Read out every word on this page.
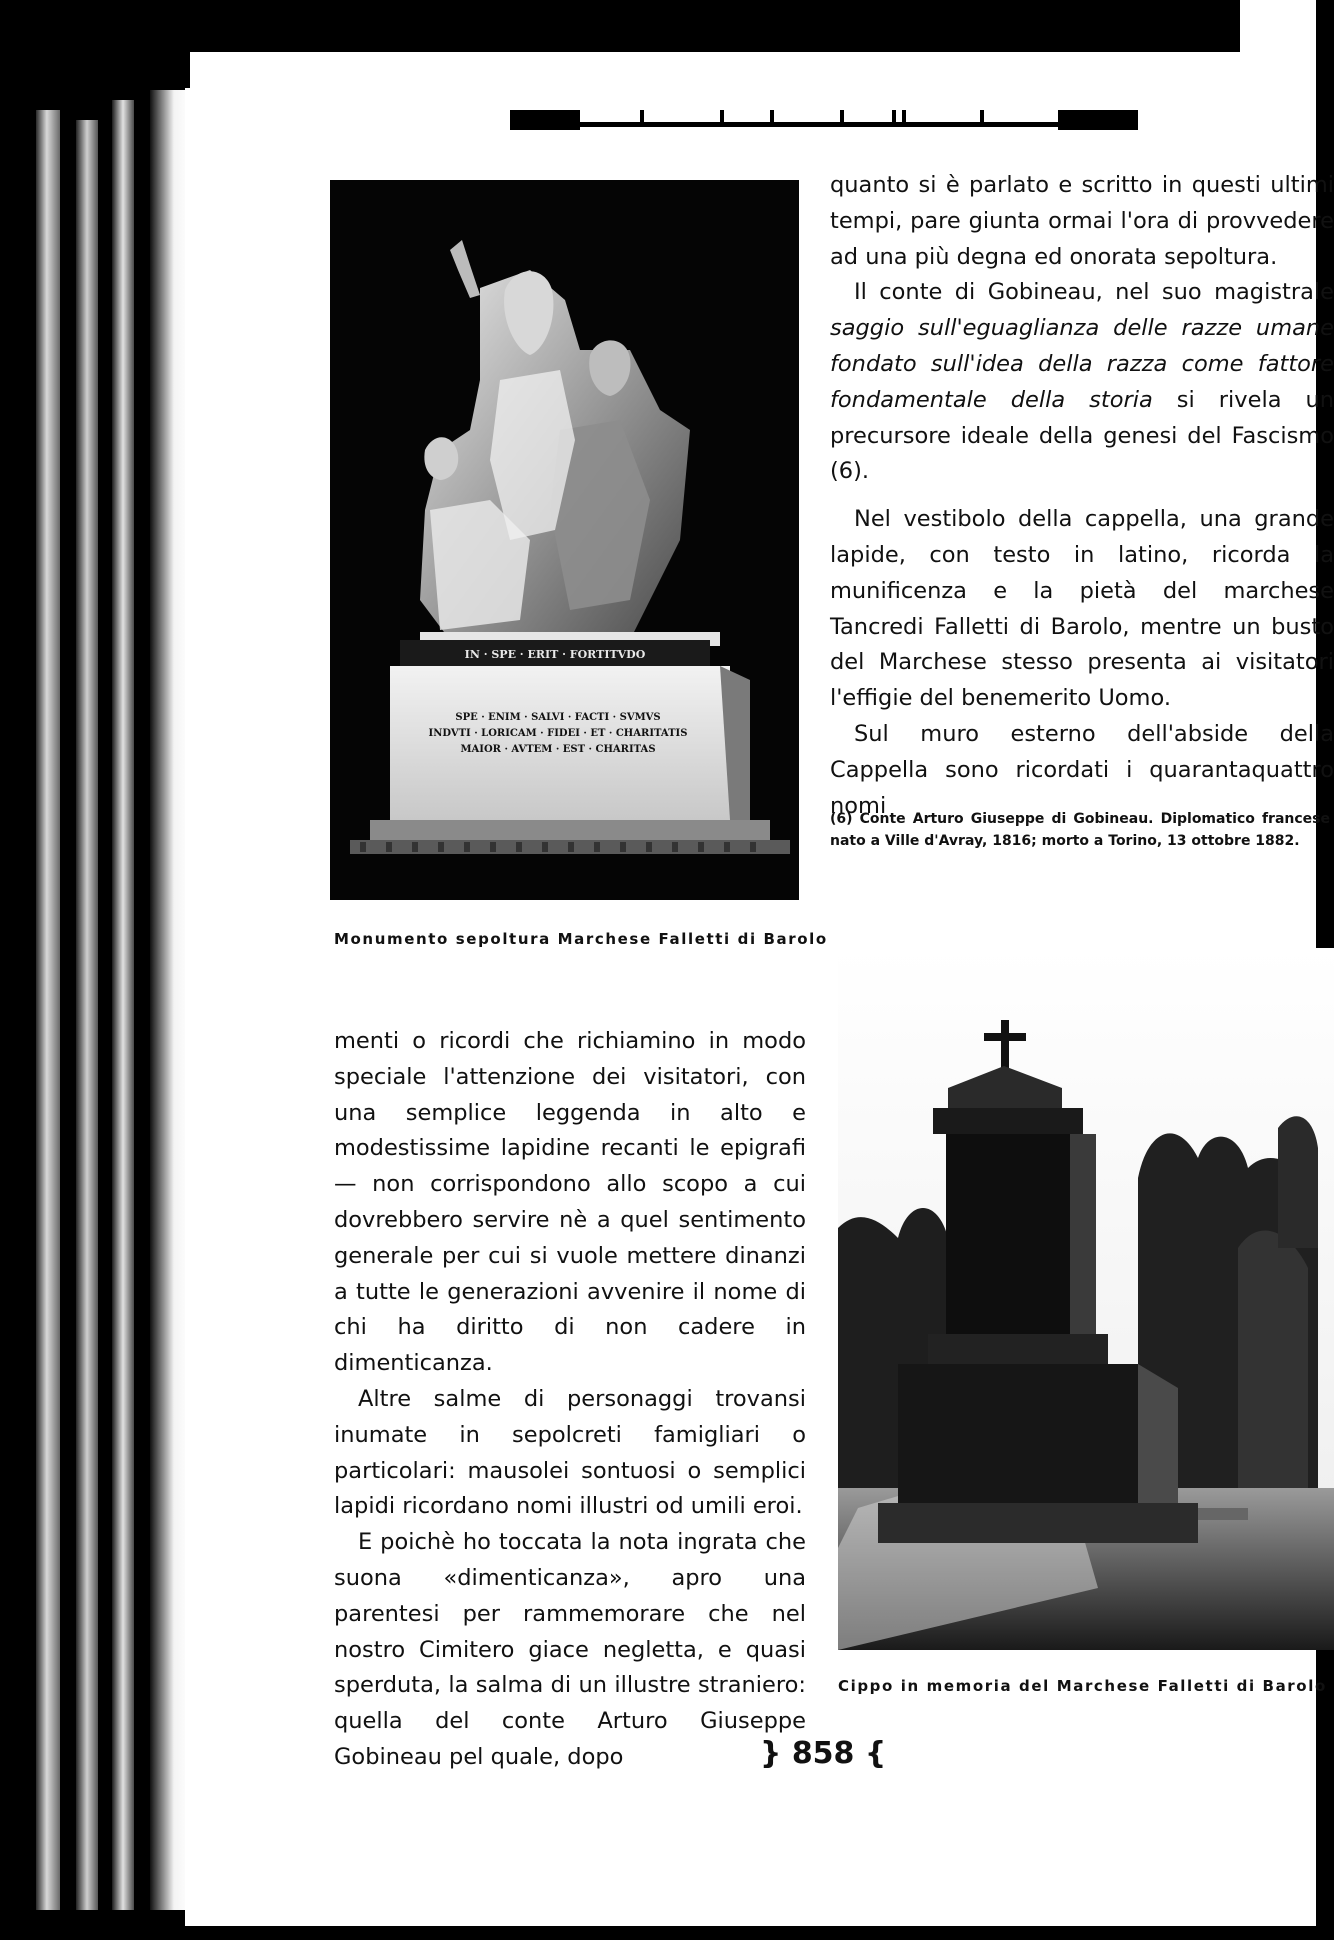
IN · SPE · ERIT · FORTITVDO
SPE · ENIM · SALVI · FACTI · SVMVS
INDVTI · LORICAM · FIDEI · ET · CHARITATIS
MAIOR · AVTEM · EST · CHARITAS
Monumento sepoltura Marchese Falletti di Barolo

quanto si è parlato e scritto in questi ultimi tempi, pare giunta ormai l'ora di provvedere ad una più degna ed onorata sepoltura.

Il conte di Gobineau, nel suo magistrale saggio sull'eguaglianza delle razze umane fondato sull'idea della razza come fattore fondamentale della storia si rivela un precursore ideale della genesi del Fascismo (6).

Nel vestibolo della cappella, una grande lapide, con testo in latino, ricorda la munificenza e la pietà del marchese Tancredi Falletti di Barolo, mentre un busto del Marchese stesso presenta ai visitatori l'effigie del benemerito Uomo.

Sul muro esterno dell'abside della Cappella sono ricordati i quarantaquattro nomi

(6) Conte Arturo Giuseppe di Gobineau. Diplomatico francese nato a Ville d'Avray, 1816; morto a Torino, 13 ottobre 1882.

Cippo in memoria del Marchese Falletti di Barolo

menti o ricordi che richiamino in modo speciale l'attenzione dei visitatori, con una semplice leggenda in alto e modestissime lapidine recanti le epigrafi — non corrispondono allo scopo a cui dovrebbero servire nè a quel sentimento generale per cui si vuole mettere dinanzi a tutte le generazioni avvenire il nome di chi ha diritto di non cadere in dimenticanza.

Altre salme di personaggi trovansi inumate in sepolcreti famigliari o particolari: mausolei sontuosi o semplici lapidi ricordano nomi illustri od umili eroi.

E poichè ho toccata la nota ingrata che suona «dimenticanza», apro una parentesi per rammemorare che nel nostro Cimitero giace negletta, e quasi sperduta, la salma di un illustre straniero: quella del conte Arturo Giuseppe Gobineau pel quale, dopo	} 858 {
